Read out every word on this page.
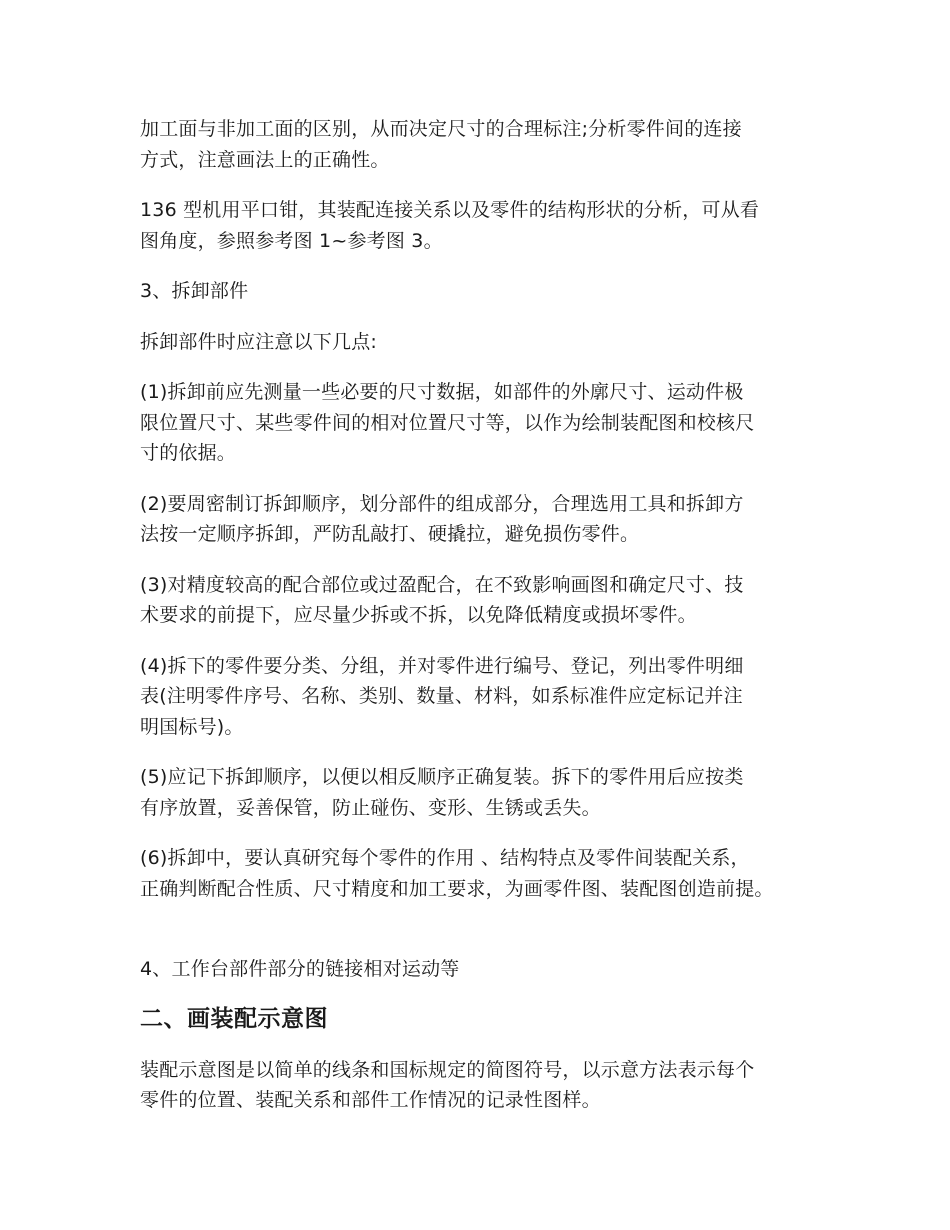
加工面与非加工面的区别，从而决定尺寸的合理标注;分析零件间的连接
方式，注意画法上的正确性。

136 型机用平口钳，其装配连接关系以及零件的结构形状的分析，可从看
图角度，参照参考图 1~参考图 3。

3、拆卸部件

拆卸部件时应注意以下几点:

(1)拆卸前应先测量一些必要的尺寸数据，如部件的外廓尺寸、运动件极
限位置尺寸、某些零件间的相对位置尺寸等，以作为绘制装配图和校核尺
寸的依据。

(2)要周密制订拆卸顺序，划分部件的组成部分，合理选用工具和拆卸方
法按一定顺序拆卸，严防乱敲打、硬撬拉，避免损伤零件。

(3)对精度较高的配合部位或过盈配合，在不致影响画图和确定尺寸、技
术要求的前提下，应尽量少拆或不拆，以免降低精度或损坏零件。

(4)拆下的零件要分类、分组，并对零件进行编号、登记，列出零件明细
表(注明零件序号、名称、类别、数量、材料，如系标准件应定标记并注
明国标号)。

(5)应记下拆卸顺序，以便以相反顺序正确复装。拆下的零件用后应按类
有序放置，妥善保管，防止碰伤、变形、生锈或丢失。

(6)拆卸中，要认真研究每个零件的作用 、结构特点及零件间装配关系，
正确判断配合性质、尺寸精度和加工要求，为画零件图、装配图创造前提。

4、工作台部件部分的链接相对运动等

二、画装配示意图

装配示意图是以简单的线条和国标规定的简图符号，以示意方法表示每个
零件的位置、装配关系和部件工作情况的记录性图样。
